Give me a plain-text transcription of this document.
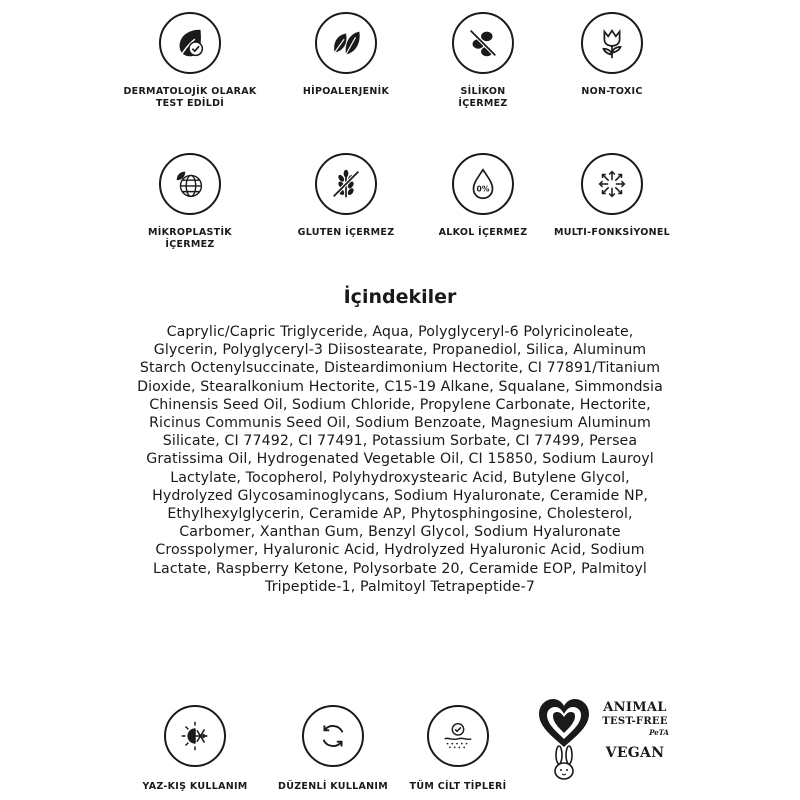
DERMATOLOJİK OLARAK
TEST EDİLDİ
HİPOALERJENİK	SİLİKON
İÇERMEZ
NON-TOXIC
MİKROPLASTİK
İÇERMEZ
GLUTEN İÇERMEZ
0%
ALKOL İÇERMEZ	MULTI-FONKSİYONEL
İçindekiler
Caprylic/Capric Triglyceride, Aqua, Polyglyceryl-6 Polyricinoleate, Glycerin, Polyglyceryl-3 Diisostearate, Propanediol, Silica, Aluminum Starch Octenylsuccinate, Disteardimonium Hectorite, CI 77891/Titanium Dioxide, Stearalkonium Hectorite, C15-19 Alkane, Squalane, Simmondsia Chinensis Seed Oil, Sodium Chloride, Propylene Carbonate, Hectorite, Ricinus Communis Seed Oil, Sodium Benzoate, Magnesium Aluminum Silicate, CI 77492, CI 77491, Potassium Sorbate, CI 77499, Persea Gratissima Oil, Hydrogenated Vegetable Oil, CI 15850, Sodium Lauroyl Lactylate, Tocopherol, Polyhydroxystearic Acid, Butylene Glycol, Hydrolyzed Glycosaminoglycans, Sodium Hyaluronate, Ceramide NP, Ethylhexylglycerin, Ceramide AP, Phytosphingosine, Cholesterol, Carbomer, Xanthan Gum, Benzyl Glycol, Sodium Hyaluronate Crosspolymer, Hyaluronic Acid, Hydrolyzed Hyaluronic Acid, Sodium Lactate, Raspberry Ketone, Polysorbate 20, Ceramide EOP, Palmitoyl Tripeptide-1, Palmitoyl Tetrapeptide-7
YAZ-KIŞ KULLANIM	DÜZENLİ KULLANIM	TÜM CİLT TİPLERİ
ANIMAL
TEST-FREE
PeTA
VEGAN
